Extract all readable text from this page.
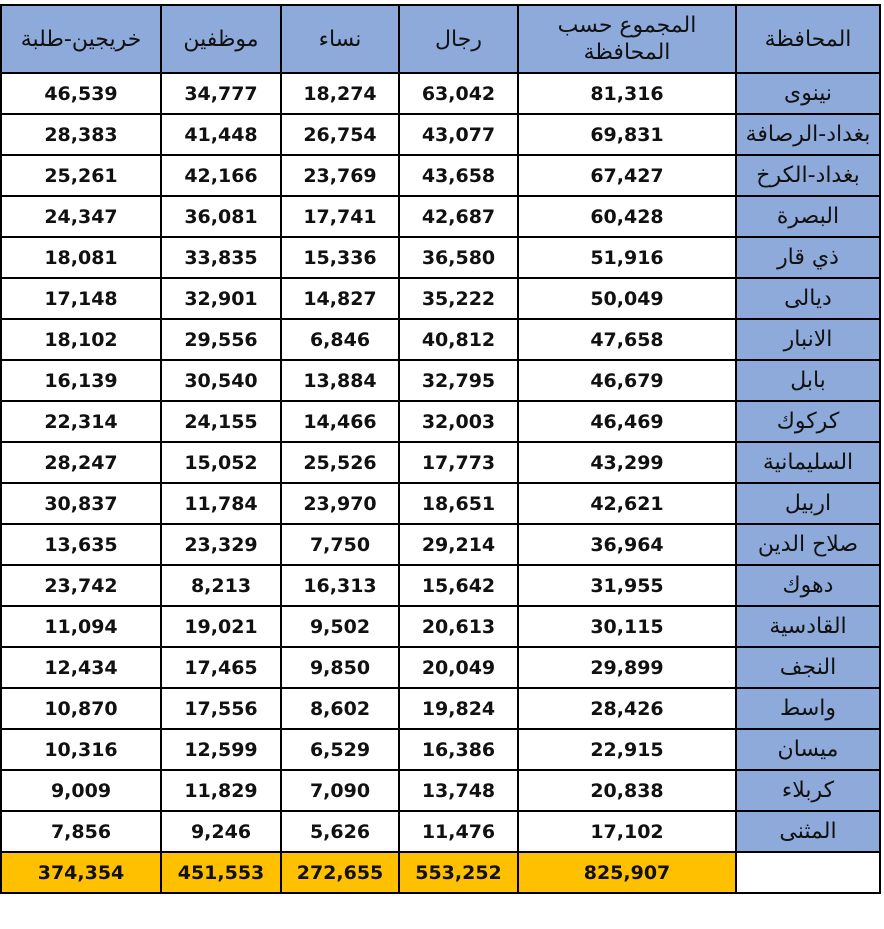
خريجين-طلبة	موظفين	نساء	رجال	المجموع حسب المحافظة	المحافظة
46,539	34,777	18,274	63,042	81,316	نينوى
28,383	41,448	26,754	43,077	69,831	بغداد-الرصافة
25,261	42,166	23,769	43,658	67,427	بغداد-الكرخ
24,347	36,081	17,741	42,687	60,428	البصرة
18,081	33,835	15,336	36,580	51,916	ذي قار
17,148	32,901	14,827	35,222	50,049	ديالى
18,102	29,556	6,846	40,812	47,658	الانبار
16,139	30,540	13,884	32,795	46,679	بابل
22,314	24,155	14,466	32,003	46,469	كركوك
28,247	15,052	25,526	17,773	43,299	السليمانية
30,837	11,784	23,970	18,651	42,621	اربيل
13,635	23,329	7,750	29,214	36,964	صلاح الدين
23,742	8,213	16,313	15,642	31,955	دهوك
11,094	19,021	9,502	20,613	30,115	القادسية
12,434	17,465	9,850	20,049	29,899	النجف
10,870	17,556	8,602	19,824	28,426	واسط
10,316	12,599	6,529	16,386	22,915	ميسان
9,009	11,829	7,090	13,748	20,838	كربلاء
7,856	9,246	5,626	11,476	17,102	المثنى
374,354	451,553	272,655	553,252	825,907	
